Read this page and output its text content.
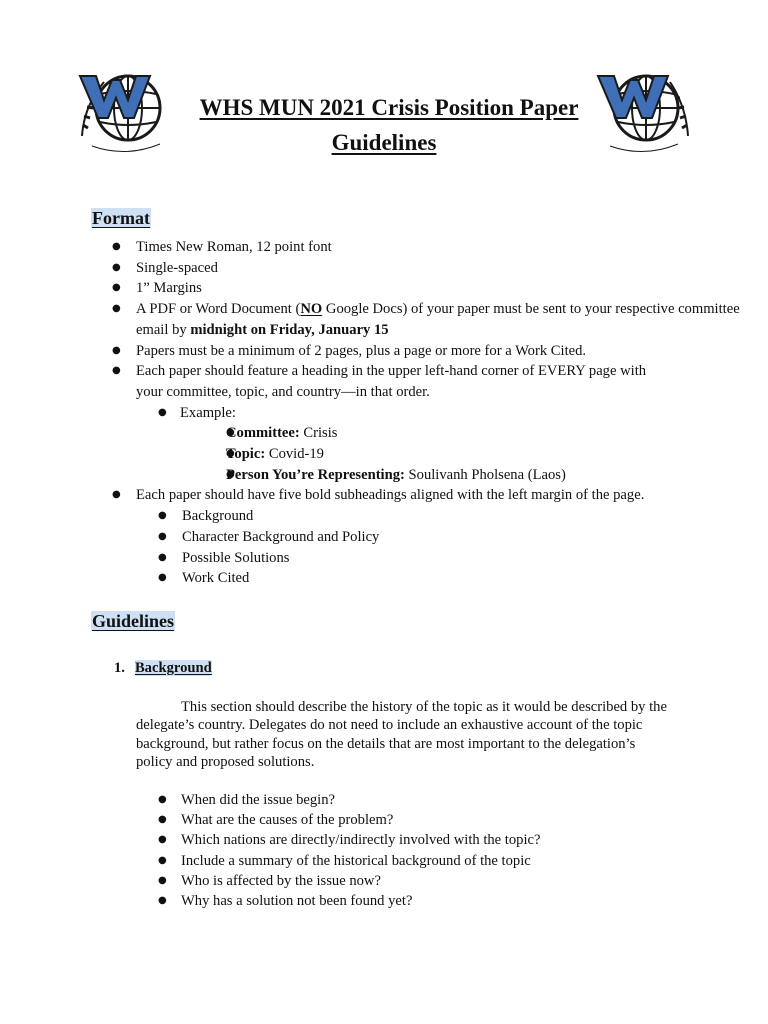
WHS MUN 2021 Crisis Position Paper
Guidelines
Format
● Times New Roman, 12 point font
● Single-spaced
● 1” Margins
● A PDF or Word Document (NO Google Docs) of your paper must be sent to your respective committee email by midnight on Friday, January 15
● Papers must be a minimum of 2 pages, plus a page or more for a Work Cited.
● Each paper should feature a heading in the upper left-hand corner of EVERY page with your committee, topic, and country—in that order.
● Example:
● Committee: Crisis
● Topic: Covid-19
● Person You’re Representing: Soulivanh Pholsena (Laos)
● Each paper should have five bold subheadings aligned with the left margin of the page.
● Background
● Character Background and Policy
● Possible Solutions
● Work Cited
Guidelines
1. Background

This section should describe the history of the topic as it would be described by the delegate’s country. Delegates do not need to include an exhaustive account of the topic background, but rather focus on the details that are most important to the delegation’s policy and proposed solutions.

● When did the issue begin?
● What are the causes of the problem?
● Which nations are directly/indirectly involved with the topic?
● Include a summary of the historical background of the topic
● Who is affected by the issue now?
● Why has a solution not been found yet?
